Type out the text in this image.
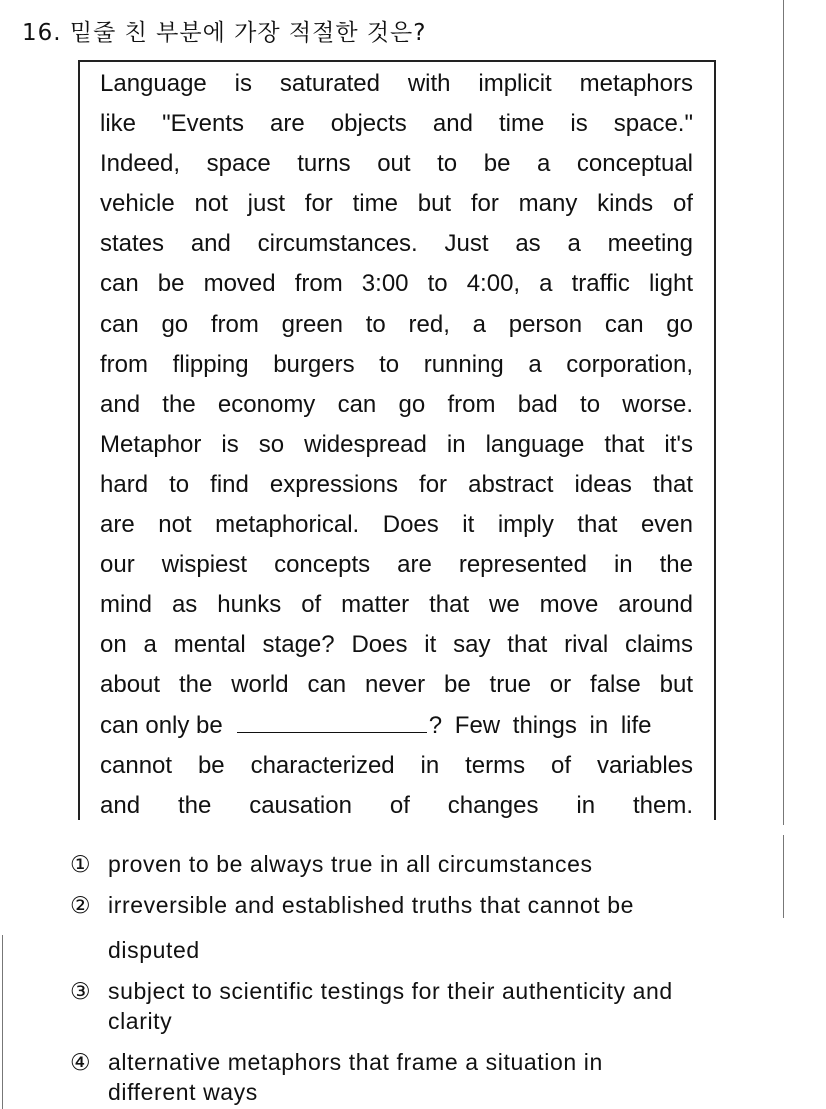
16. 밑줄 친 부분에 가장 적절한 것은?
Language is saturated with implicit metaphors
like "Events are objects and time is space."
Indeed, space turns out to be a conceptual
vehicle not just for time but for many kinds of
states and circumstances. Just as a meeting
can be moved from 3:00 to 4:00, a traffic light
can go from green to red, a person can go
from flipping burgers to running a corporation,
and the economy can go from bad to worse.
Metaphor is so widespread in language that it's
hard to find expressions for abstract ideas that
are not metaphorical. Does it imply that even
our wispiest concepts are represented in the
mind as hunks of matter that we move around
on a mental stage? Does it say that rival claims
about the world can never be true or false but
can only be	? Few things in life
cannot be characterized in terms of variables
and the causation of changes in them.
① proven to be always true in all circumstances
② irreversible and established truths that cannot be
disputed
③ subject to scientific testings for their authenticity and
clarity
④ alternative metaphors that frame a situation in
different ways
